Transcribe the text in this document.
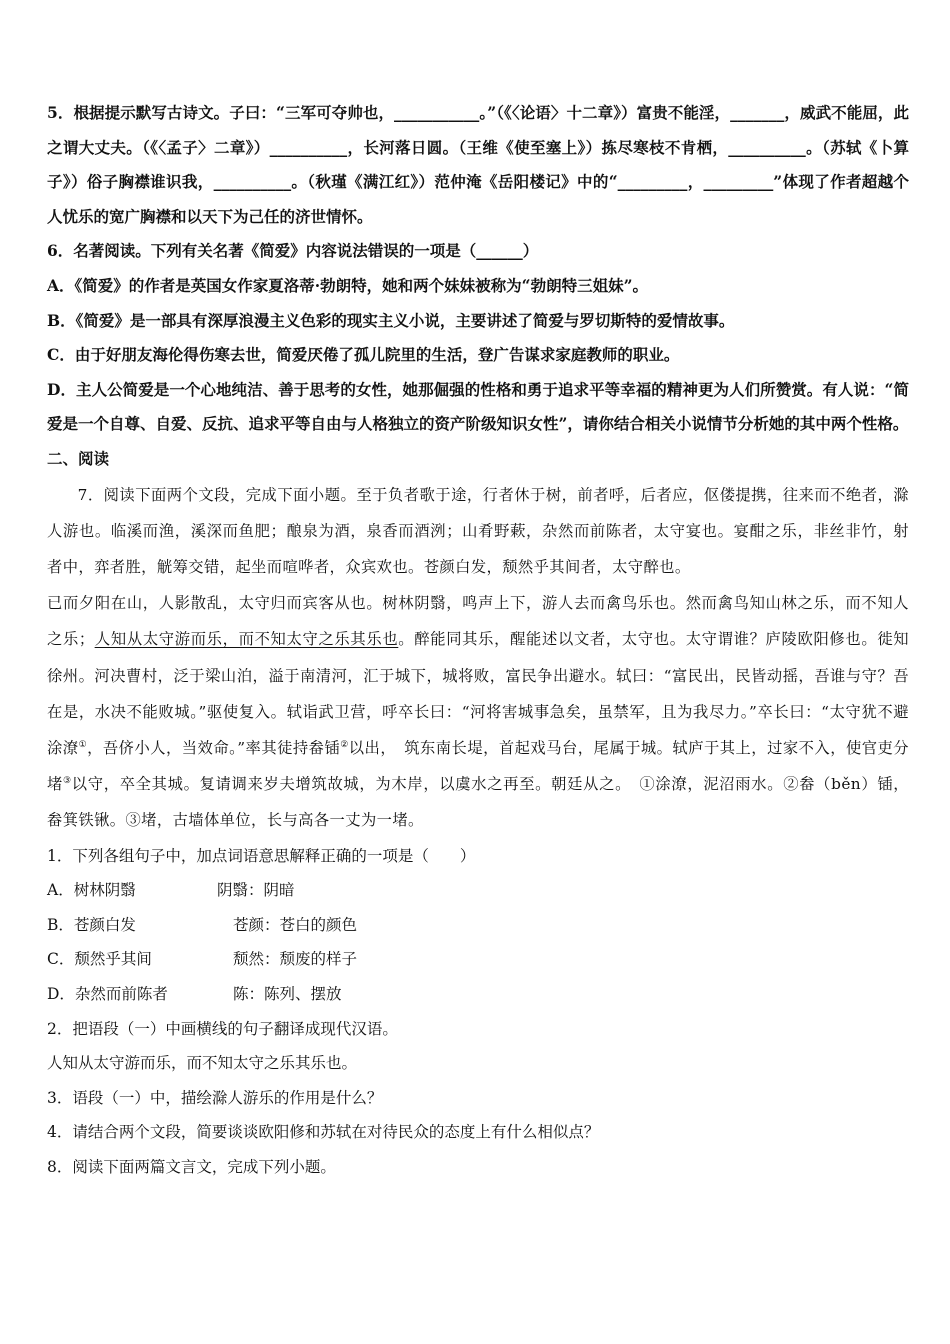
5．根据提示默写古诗文。子曰：“三军可夺帅也，___________。”（《〈论语〉十二章》）富贵不能淫，_______，威武不能屈，此之谓大丈夫。（《〈孟子〉二章》）__________，长河落日圆。（王维《使至塞上》）拣尽寒枝不肯栖，__________。（苏轼《卜算子》）俗子胸襟谁识我，__________。（秋瑾《满江红》）范仲淹《岳阳楼记》中的“_________，_________”体现了作者超越个人忧乐的宽广胸襟和以天下为己任的济世情怀。

6．名著阅读。下列有关名著《简爱》内容说法错误的一项是（______）

A．《简爱》的作者是英国女作家夏洛蒂·勃朗特，她和两个妹妹被称为“勃朗特三姐妹”。

B．《简爱》是一部具有深厚浪漫主义色彩的现实主义小说，主要讲述了简爱与罗切斯特的爱情故事。

C．由于好朋友海伦得伤寒去世，简爱厌倦了孤儿院里的生活，登广告谋求家庭教师的职业。

D．主人公简爱是一个心地纯洁、善于思考的女性，她那倔强的性格和勇于追求平等幸福的精神更为人们所赞赏。有人说：“简爱是一个自尊、自爱、反抗、追求平等自由与人格独立的资产阶级知识女性”，请你结合相关小说情节分析她的其中两个性格。

二、阅读

7．阅读下面两个文段，完成下面小题。至于负者歌于途，行者休于树，前者呼，后者应，伛偻提携，往来而不绝者，滁人游也。临溪而渔，溪深而鱼肥；酿泉为酒，泉香而酒洌；山肴野蔌，杂然而前陈者，太守宴也。宴酣之乐，非丝非竹，射者中，弈者胜，觥筹交错，起坐而喧哗者，众宾欢也。苍颜白发，颓然乎其间者，太守醉也。

已而夕阳在山，人影散乱，太守归而宾客从也。树林阴翳，鸣声上下，游人去而禽鸟乐也。然而禽鸟知山林之乐，而不知人之乐；人知从太守游而乐，而不知太守之乐其乐也。醉能同其乐，醒能述以文者，太守也。太守谓谁？庐陵欧阳修也。徙知徐州。河决曹村，泛于梁山泊，溢于南清河，汇于城下，城将败，富民争出避水。轼曰：“富民出，民皆动摇，吾谁与守？吾在是，水决不能败城。”驱使复入。轼诣武卫营，呼卒长曰：“河将害城事急矣，虽禁军，且为我尽力。”卒长曰：“太守犹不避涂潦①，吾侪小人，当效命。”率其徒持畚锸②以出，　筑东南长堤，首起戏马台，尾属于城。轼庐于其上，过家不入，使官吏分堵③以守，卒全其城。复请调来岁夫增筑故城，为木岸，以虞水之再至。朝廷从之。　①涂潦，泥沼雨水。②畚（běn）锸，畚箕铁锹。③堵，古墙体单位，长与高各一丈为一堵。

1．下列各组句子中，加点词语意思解释正确的一项是（　　）

A．树林阴翳	阴翳：阴暗
B．苍颜白发	苍颜：苍白的颜色
C．颓然乎其间	颓然：颓废的样子
D．杂然而前陈者	陈：陈列、摆放

2．把语段（一）中画横线的句子翻译成现代汉语。

人知从太守游而乐，而不知太守之乐其乐也。

3．语段（一）中，描绘滁人游乐的作用是什么？

4．请结合两个文段，简要谈谈欧阳修和苏轼在对待民众的态度上有什么相似点？

8．阅读下面两篇文言文，完成下列小题。
